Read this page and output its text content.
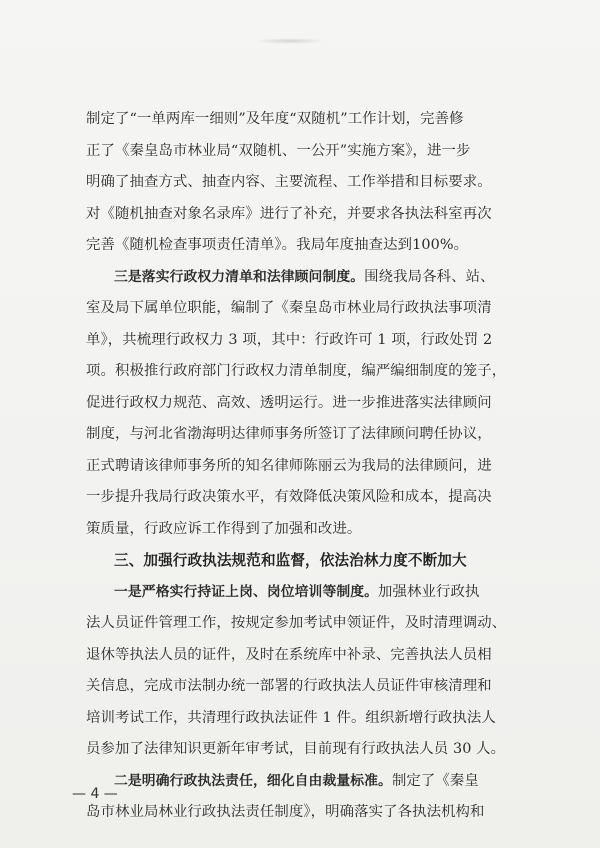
制定了“一单两库一细则”及年度“双随机”工作计划，完善修
正了《秦皇岛市林业局“双随机、一公开”实施方案》，进一步
明确了抽查方式、抽查内容、主要流程、工作举措和目标要求。
对《随机抽查对象名录库》进行了补充，并要求各执法科室再次
完善《随机检查事项责任清单》。我局年度抽查达到100%。
三是落实行政权力清单和法律顾问制度。围绕我局各科、站、
室及局下属单位职能，编制了《秦皇岛市林业局行政执法事项清
单》，共梳理行政权力 3 项，其中：行政许可 1 项，行政处罚 2
项。积极推行政府部门行政权力清单制度，编严编细制度的笼子，
促进行政权力规范、高效、透明运行。进一步推进落实法律顾问
制度，与河北省渤海明达律师事务所签订了法律顾问聘任协议，
正式聘请该律师事务所的知名律师陈丽云为我局的法律顾问，进
一步提升我局行政决策水平，有效降低决策风险和成本，提高决
策质量，行政应诉工作得到了加强和改进。
三、加强行政执法规范和监督，依法治林力度不断加大
一是严格实行持证上岗、岗位培训等制度。加强林业行政执
法人员证件管理工作，按规定参加考试申领证件，及时清理调动、
退休等执法人员的证件，及时在系统库中补录、完善执法人员相
关信息，完成市法制办统一部署的行政执法人员证件审核清理和
培训考试工作，共清理行政执法证件 1 件。组织新增行政执法人
员参加了法律知识更新年审考试，目前现有行政执法人员 30 人。
二是明确行政执法责任，细化自由裁量标准。制定了《秦皇
岛市林业局林业行政执法责任制度》，明确落实了各执法机构和
— 4 —
